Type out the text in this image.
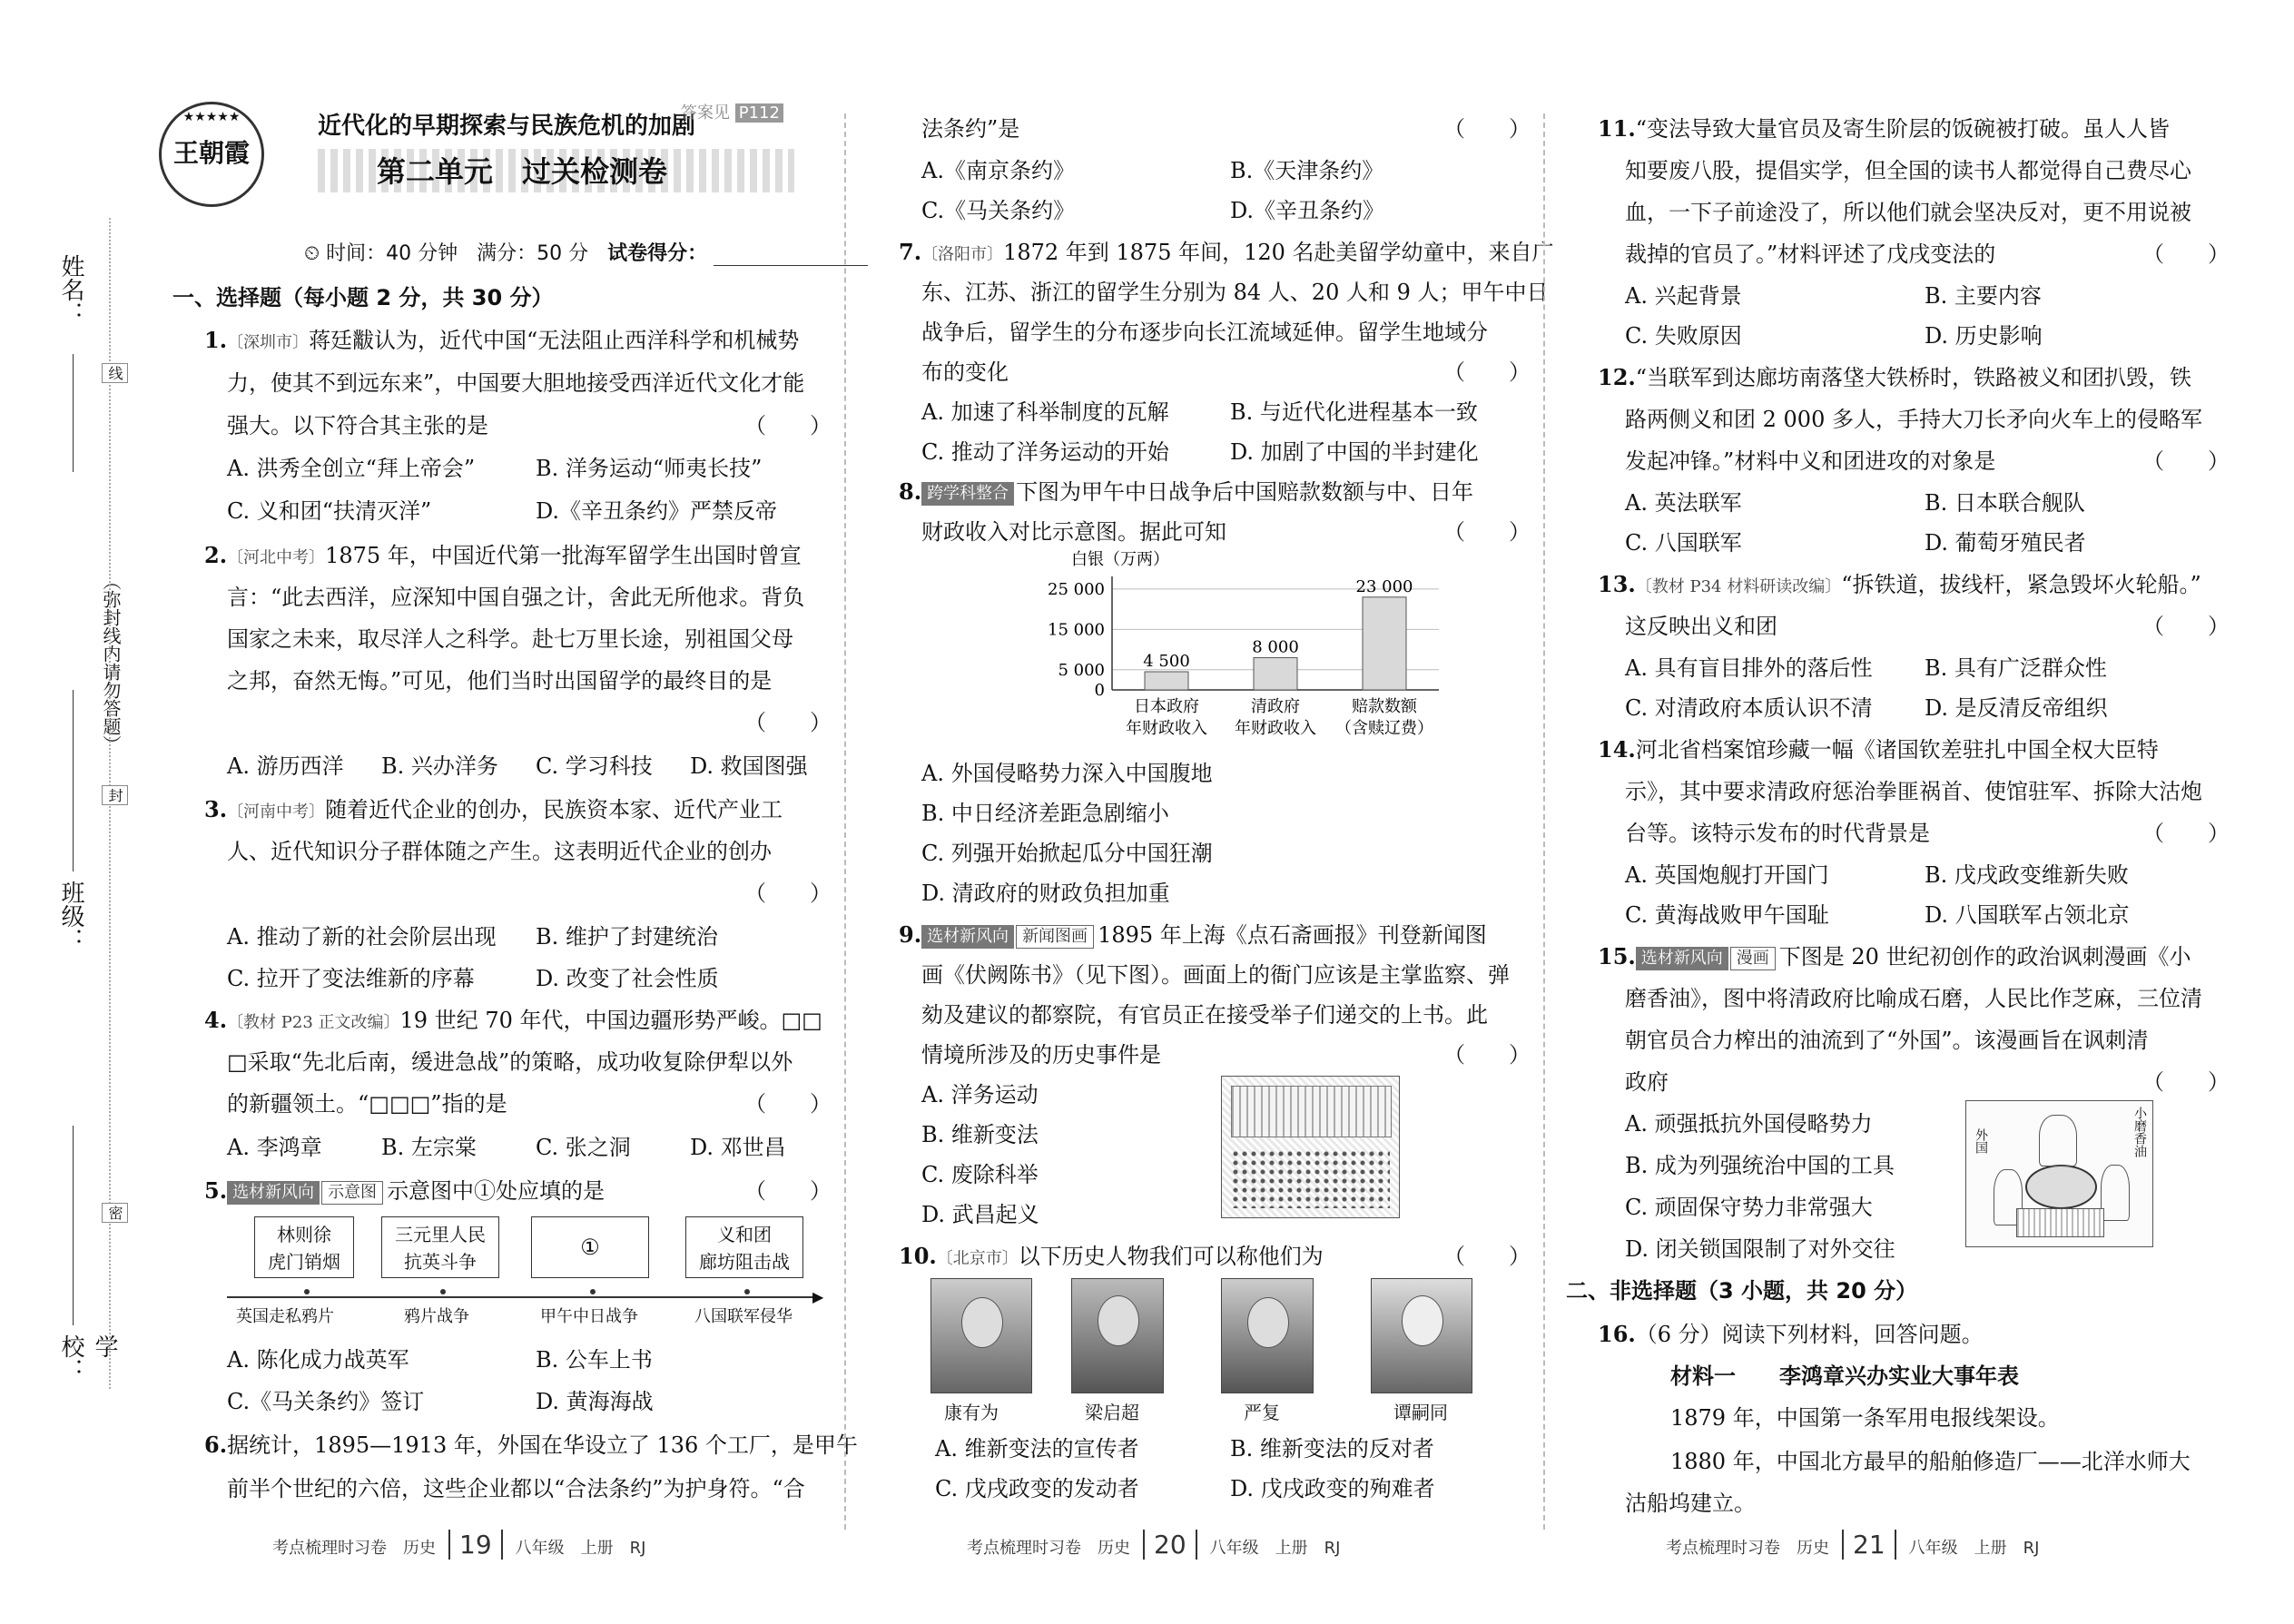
姓名：
（弥封线内请勿答题）
班级：
学校：
线
封
密
★★★★★
王朝霞
近代化的早期探索与民族危机的加剧
答案见 P112
第二单元　过关检测卷
⏲ 时间：40 分钟 满分：50 分 试卷得分：
一、选择题（每小题 2 分，共 30 分）
1.〔深圳市〕蒋廷黻认为，近代中国“无法阻止西洋科学和机械势
力，使其不到远东来”，中国要大胆地接受西洋近代文化才能
强大。以下符合其主张的是	（　　）
A. 洪秀全创立“拜上帝会”	B. 洋务运动“师夷长技”
C. 义和团“扶清灭洋”	D.《辛丑条约》严禁反帝
2.〔河北中考〕1875 年，中国近代第一批海军留学生出国时曾宣
言：“此去西洋，应深知中国自强之计，舍此无所他求。背负
国家之未来，取尽洋人之科学。赴七万里长途，别祖国父母
之邦，奋然无悔。”可见，他们当时出国留学的最终目的是
（　　）
A. 游历西洋 B. 兴办洋务 C. 学习科技 D. 救国图强
3.〔河南中考〕随着近代企业的创办，民族资本家、近代产业工
人、近代知识分子群体随之产生。这表明近代企业的创办
（　　）
A. 推动了新的社会阶层出现 B. 维护了封建统治
C. 拉开了变法维新的序幕	D. 改变了社会性质
4.〔教材 P23 正文改编〕19 世纪 70 年代，中国边疆形势严峻。□□
□采取“先北后南，缓进急战”的策略，成功收复除伊犁以外
的新疆领土。“□□□”指的是	（　　）
A. 李鸿章	B. 左宗棠	C. 张之洞	D. 邓世昌
5. 选材新风向 示意图 示意图中①处应填的是	（　　）
林则徐
虎门销烟
三元里人民
抗英斗争
①	义和团
廊坊阻击战
▶
英国走私鸦片	鸦片战争	甲午中日战争	八国联军侵华
A. 陈化成力战英军	B. 公车上书
C.《马关条约》签订	D. 黄海海战
6.据统计，1895—1913 年，外国在华设立了 136 个工厂，是甲午
前半个世纪的六倍，这些企业都以“合法条约”为护身符。“合
法条约”是	（　　）
A.《南京条约》	B.《天津条约》
C.《马关条约》	D.《辛丑条约》
7.〔洛阳市〕1872 年到 1875 年间，120 名赴美留学幼童中，来自广
东、江苏、浙江的留学生分别为 84 人、20 人和 9 人；甲午中日
战争后，留学生的分布逐步向长江流域延伸。留学生地域分
布的变化	（　　）
A. 加速了科举制度的瓦解	B. 与近代化进程基本一致
C. 推动了洋务运动的开始	D. 加剧了中国的半封建化
8. 跨学科整合 下图为甲午中日战争后中国赔款数额与中、日年
财政收入对比示意图。据此可知	（　　）
白银（万两）
25 000
15 000
5 000
0
4 500
日本政府
年财政收入
8 000
清政府
年财政收入
23 000
赔款数额
（含赎辽费）
A. 外国侵略势力深入中国腹地
B. 中日经济差距急剧缩小
C. 列强开始掀起瓜分中国狂潮
D. 清政府的财政负担加重
9. 选材新风向 新闻图画 1895 年上海《点石斋画报》刊登新闻图
画《伏阙陈书》（见下图）。画面上的衙门应该是主掌监察、弹
劾及建议的都察院，有官员正在接受举子们递交的上书。此
情境所涉及的历史事件是	（　　）
A. 洋务运动
B. 维新变法
C. 废除科举
D. 武昌起义
10.〔北京市〕以下历史人物我们可以称他们为	（　　）
康有为	梁启超	严复	谭嗣同
A. 维新变法的宣传者	B. 维新变法的反对者
C. 戊戌政变的发动者	D. 戊戌政变的殉难者
11.“变法导致大量官员及寄生阶层的饭碗被打破。虽人人皆
知要废八股，提倡实学，但全国的读书人都觉得自己费尽心
血，一下子前途没了，所以他们就会坚决反对，更不用说被
裁掉的官员了。”材料评述了戊戌变法的	（　　）
A. 兴起背景	B. 主要内容
C. 失败原因	D. 历史影响
12.“当联军到达廊坊南落垡大铁桥时，铁路被义和团扒毁，铁
路两侧义和团 2 000 多人，手持大刀长矛向火车上的侵略军
发起冲锋。”材料中义和团进攻的对象是	（　　）
A. 英法联军	B. 日本联合舰队
C. 八国联军	D. 葡萄牙殖民者
13.〔教材 P34 材料研读改编〕“拆铁道，拔线杆，紧急毁坏火轮船。”
这反映出义和团	（　　）
A. 具有盲目排外的落后性 B. 具有广泛群众性
C. 对清政府本质认识不清 D. 是反清反帝组织
14.河北省档案馆珍藏一幅《诸国钦差驻扎中国全权大臣特
示》，其中要求清政府惩治拳匪祸首、使馆驻军、拆除大沽炮
台等。该特示发布的时代背景是	（　　）
A. 英国炮舰打开国门	B. 戊戌政变维新失败
C. 黄海战败甲午国耻	D. 八国联军占领北京
15. 选材新风向 漫画 下图是 20 世纪初创作的政治讽刺漫画《小
磨香油》，图中将清政府比喻成石磨，人民比作芝麻，三位清
朝官员合力榨出的油流到了“外国”。该漫画旨在讽刺清
政府	（　　）
A. 顽强抵抗外国侵略势力
B. 成为列强统治中国的工具
C. 顽固保守势力非常强大
D. 闭关锁国限制了对外交往
小磨香油
外国
二、非选择题（3 小题，共 20 分）
16.（6 分）阅读下列材料，回答问题。
材料一　　李鸿章兴办实业大事年表
1879 年，中国第一条军用电报线架设。
1880 年，中国北方最早的船舶修造厂——北洋水师大
沽船坞建立。
考点梳理时习卷　历史 19 八年级　上册　RJ	考点梳理时习卷　历史 20 八年级　上册　RJ	考点梳理时习卷　历史 21 八年级　上册　RJ
